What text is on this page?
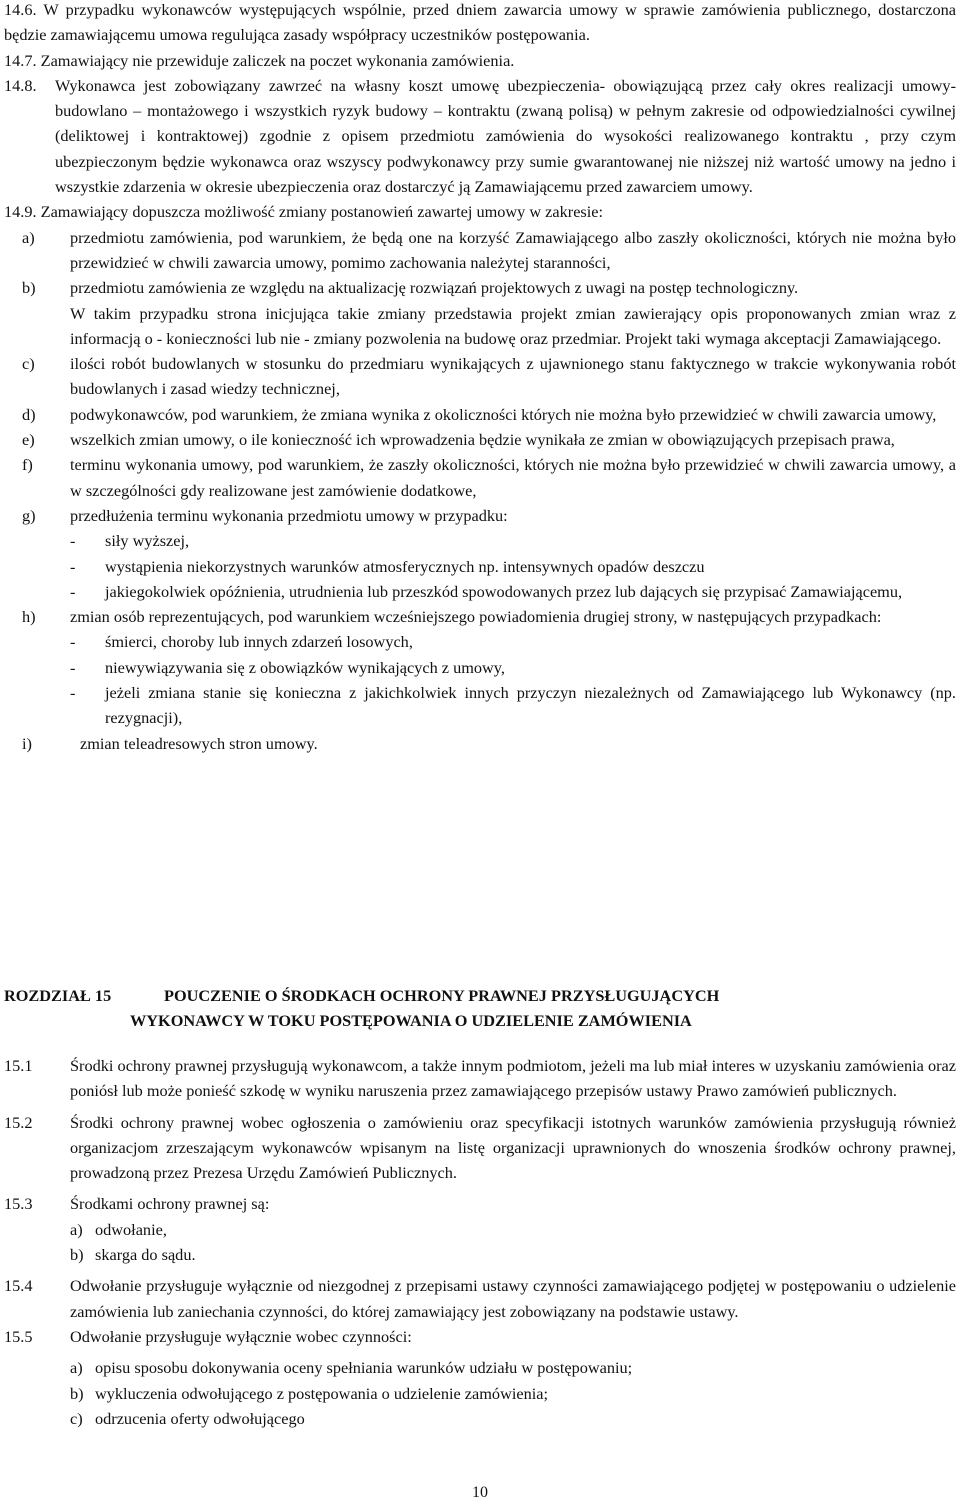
14.6. W przypadku wykonawców występujących wspólnie, przed dniem zawarcia umowy w sprawie zamówienia publicznego, dostarczona będzie zamawiającemu umowa regulująca zasady współpracy uczestników postępowania.

14.7. Zamawiający nie przewiduje zaliczek na poczet wykonania zamówienia.

14.8. Wykonawca jest zobowiązany zawrzeć na własny koszt umowę ubezpieczenia- obowiązującą przez cały okres realizacji umowy-budowlano – montażowego i wszystkich ryzyk budowy – kontraktu (zwaną polisą) w pełnym zakresie od odpowiedzialności cywilnej (deliktowej i kontraktowej) zgodnie z opisem przedmiotu zamówienia do wysokości realizowanego kontraktu , przy czym ubezpieczonym będzie wykonawca oraz wszyscy podwykonawcy przy sumie gwarantowanej nie niższej niż wartość umowy na jedno i wszystkie zdarzenia w okresie ubezpieczenia oraz dostarczyć ją Zamawiającemu przed zawarciem umowy.

14.9. Zamawiający dopuszcza możliwość zmiany postanowień zawartej umowy w zakresie:

a) przedmiotu zamówienia, pod warunkiem, że będą one na korzyść Zamawiającego albo zaszły okoliczności, których nie można było przewidzieć w chwili zawarcia umowy, pomimo zachowania należytej staranności,
b) przedmiotu zamówienia ze względu na aktualizację rozwiązań projektowych z uwagi na postęp technologiczny.
W takim przypadku strona inicjująca takie zmiany przedstawia projekt zmian zawierający opis proponowanych zmian wraz z informacją o - konieczności lub nie - zmiany pozwolenia na budowę oraz przedmiar. Projekt taki wymaga akceptacji Zamawiającego.
c) ilości robót budowlanych w stosunku do przedmiaru wynikających z ujawnionego stanu faktycznego w trakcie wykonywania robót budowlanych i zasad wiedzy technicznej,
d) podwykonawców, pod warunkiem, że zmiana wynika z okoliczności których nie można było przewidzieć w chwili zawarcia umowy,
e) wszelkich zmian umowy, o ile konieczność ich wprowadzenia będzie wynikała ze zmian w obowiązujących przepisach prawa,
f) terminu wykonania umowy, pod warunkiem, że zaszły okoliczności, których nie można było przewidzieć w chwili zawarcia umowy, a w szczególności gdy realizowane jest zamówienie dodatkowe,
g) przedłużenia terminu wykonania przedmiotu umowy w przypadku:
- siły wyższej,
- wystąpienia niekorzystnych warunków atmosferycznych np. intensywnych opadów deszczu
- jakiegokolwiek opóźnienia, utrudnienia lub przeszkód spowodowanych przez lub dających się przypisać Zamawiającemu,
h) zmian osób reprezentujących, pod warunkiem wcześniejszego powiadomienia drugiej strony, w następujących przypadkach:
- śmierci, choroby lub innych zdarzeń losowych,
- niewywiązywania się z obowiązków wynikających z umowy,
- jeżeli zmiana stanie się konieczna z jakichkolwiek innych przyczyn niezależnych od Zamawiającego lub Wykonawcy (np. rezygnacji),
i)	zmian teleadresowych stron umowy.
ROZDZIAŁ 15	POUCZENIE O ŚRODKACH OCHRONY PRAWNEJ PRZYSŁUGUJĄCYCH
WYKONAWCY W TOKU POSTĘPOWANIA O UDZIELENIE ZAMÓWIENIA
15.1 Środki ochrony prawnej przysługują wykonawcom, a także innym podmiotom, jeżeli ma lub miał interes w uzyskaniu zamówienia oraz poniósł lub może ponieść szkodę w wyniku naruszenia przez zamawiającego przepisów ustawy Prawo zamówień publicznych.
15.2 Środki ochrony prawnej wobec ogłoszenia o zamówieniu oraz specyfikacji istotnych warunków zamówienia przysługują również organizacjom zrzeszającym wykonawców wpisanym na listę organizacji uprawnionych do wnoszenia środków ochrony prawnej, prowadzoną przez Prezesa Urzędu Zamówień Publicznych.
15.3 Środkami ochrony prawnej są:
a) odwołanie,
b) skarga do sądu.
15.4 Odwołanie przysługuje wyłącznie od niezgodnej z przepisami ustawy czynności zamawiającego podjętej w postępowaniu o udzielenie zamówienia lub zaniechania czynności, do której zamawiający jest zobowiązany na podstawie ustawy.
15.5 Odwołanie przysługuje wyłącznie wobec czynności:
a) opisu sposobu dokonywania oceny spełniania warunków udziału w postępowaniu;
b) wykluczenia odwołującego z postępowania o udzielenie zamówienia;
c) odrzucenia oferty odwołującego
10
